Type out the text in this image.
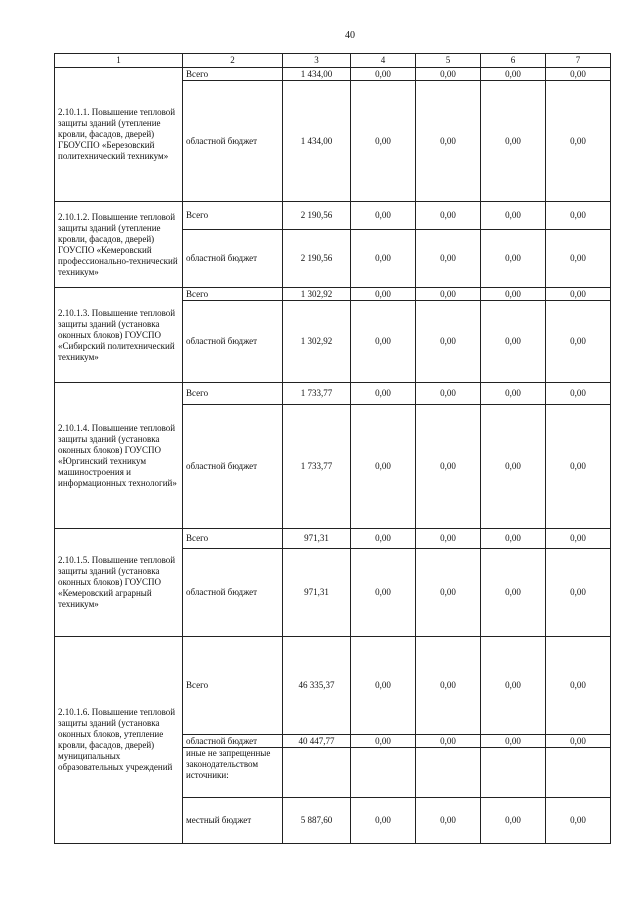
40
1	2	3	4	5	6	7
2.10.1.1. Повышение тепловой защиты зданий (утепление кровли, фасадов, дверей) ГБОУСПО «Березовский политехнический техникум»	Всего	1 434,00	0,00	0,00	0,00	0,00
	областной бюджет	1 434,00	0,00	0,00	0,00	0,00
2.10.1.2. Повышение тепловой защиты зданий (утепление кровли, фасадов, дверей) ГОУСПО «Кемеровский профессионально-технический техникум»	Всего	2 190,56	0,00	0,00	0,00	0,00
	областной бюджет	2 190,56	0,00	0,00	0,00	0,00
2.10.1.3. Повышение тепловой защиты зданий (установка оконных блоков) ГОУСПО «Сибирский политехнический техникум»	Всего	1 302,92	0,00	0,00	0,00	0,00
	областной бюджет	1 302,92	0,00	0,00	0,00	0,00
2.10.1.4. Повышение тепловой защиты зданий (установка оконных блоков) ГОУСПО «Юргинский техникум машиностроения и информационных технологий»	Всего	1 733,77	0,00	0,00	0,00	0,00
	областной бюджет	1 733,77	0,00	0,00	0,00	0,00
2.10.1.5. Повышение тепловой защиты зданий (установка оконных блоков) ГОУСПО «Кемеровский аграрный техникум»	Всего	971,31	0,00	0,00	0,00	0,00
	областной бюджет	971,31	0,00	0,00	0,00	0,00
2.10.1.6. Повышение тепловой защиты зданий (установка оконных блоков, утепление кровли, фасадов, дверей) муниципальных образовательных учреждений	Всего	46 335,37	0,00	0,00	0,00	0,00
	областной бюджет	40 447,77	0,00	0,00	0,00	0,00
	иные не запрещенные законодательством источники:					
	местный бюджет	5 887,60	0,00	0,00	0,00	0,00
